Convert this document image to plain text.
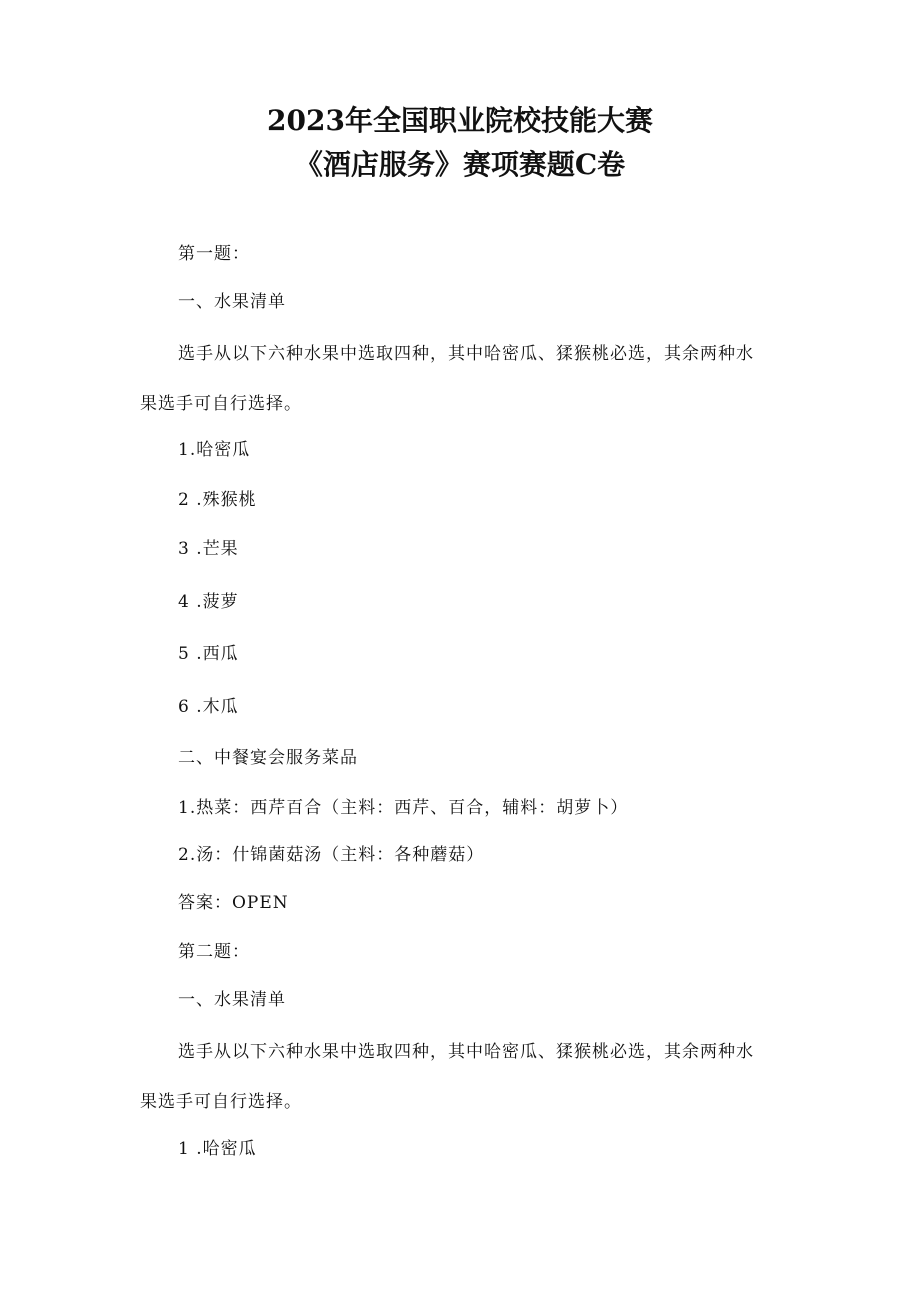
2023年全国职业院校技能大赛
《酒店服务》赛项赛题C卷
第一题：
一、水果清单
选手从以下六种水果中选取四种，其中哈密瓜、猱猴桃必选，其余两种水
果选手可自行选择。
1.哈密瓜
2 .殊猴桃
3 .芒果
4 .菠萝
5 .西瓜
6 .木瓜
二、中餐宴会服务菜品
1.热菜：西芹百合（主料：西芹、百合，辅料：胡萝卜）
2.汤：什锦菌菇汤（主料：各种蘑菇）
答案：OPEN
第二题：
一、水果清单
选手从以下六种水果中选取四种，其中哈密瓜、猱猴桃必选，其余两种水
果选手可自行选择。
1 .哈密瓜
